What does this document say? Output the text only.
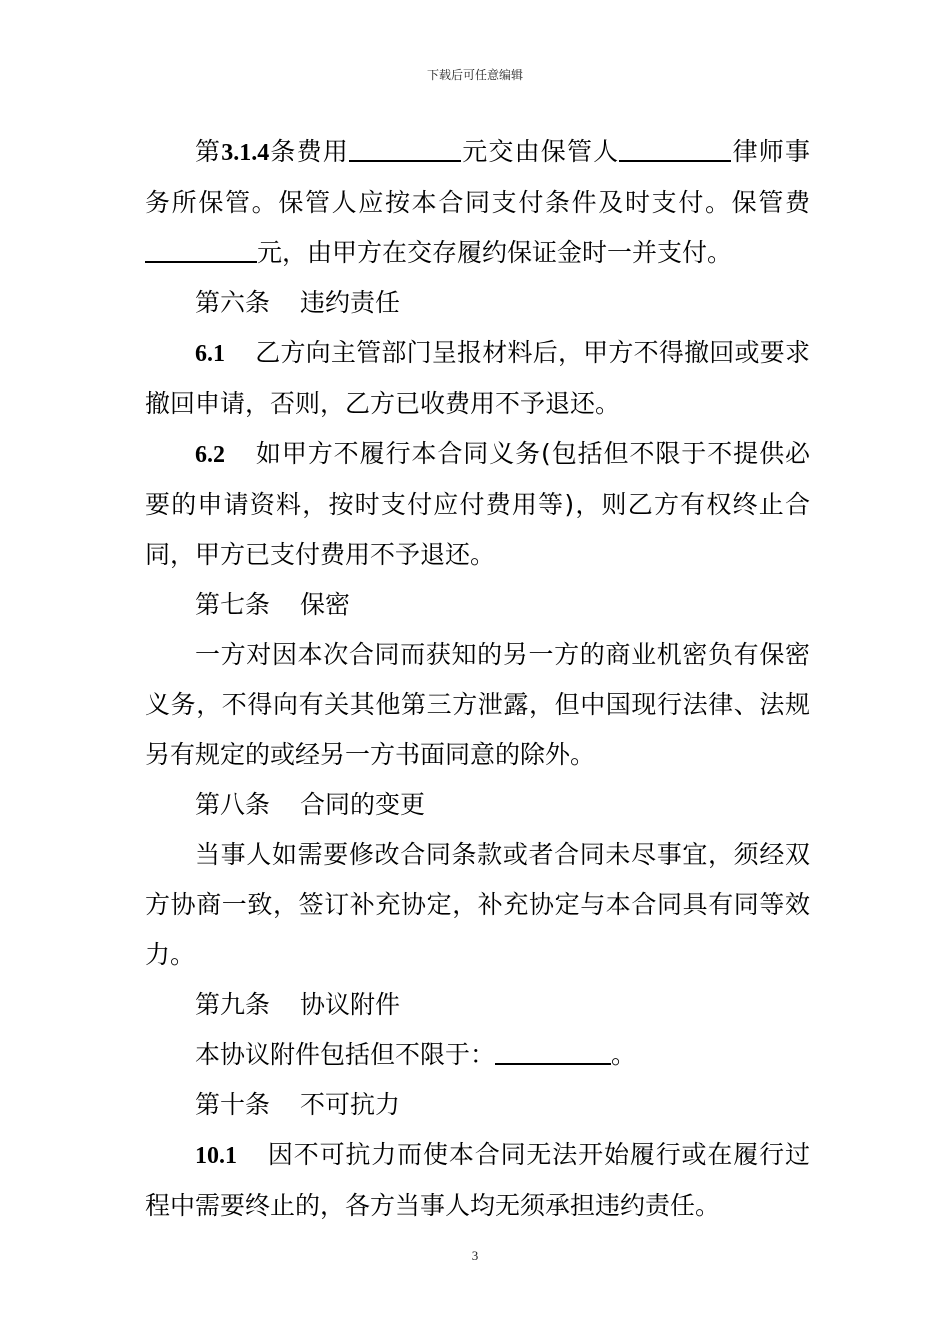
下载后可任意编辑

第3.1.4条费用	元交由保管人	律师事务所保管。保管人应按本合同支付条件及时支付。保管费元，由甲方在交存履约保证金时一并支付。

第六条 违约责任

6.1 乙方向主管部门呈报材料后，甲方不得撤回或要求撤回申请，否则，乙方已收费用不予退还。

6.2 如甲方不履行本合同义务(包括但不限于不提供必要的申请资料，按时支付应付费用等)，则乙方有权终止合同，甲方已支付费用不予退还。

第七条 保密

一方对因本次合同而获知的另一方的商业机密负有保密义务，不得向有关其他第三方泄露，但中国现行法律、法规另有规定的或经另一方书面同意的除外。

第八条 合同的变更

当事人如需要修改合同条款或者合同未尽事宜，须经双方协商一致，签订补充协定，补充协定与本合同具有同等效力。

第九条 协议附件

本协议附件包括但不限于：	。

第十条 不可抗力

10.1 因不可抗力而使本合同无法开始履行或在履行过程中需要终止的，各方当事人均无须承担违约责任。

3
